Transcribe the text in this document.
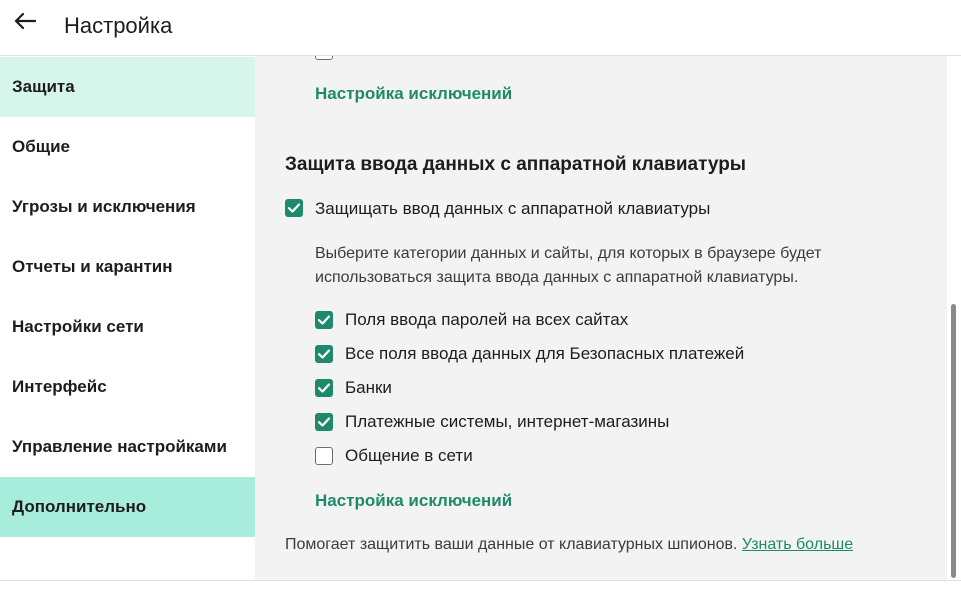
Настройка
Защита
Общие
Угрозы и исключения
Отчеты и карантин
Настройки сети
Интерфейс
Управление настройками
Дополнительно
Настройка исключений
Защита ввода данных с аппаратной клавиатуры
Защищать ввод данных с аппаратной клавиатуры
Выберите категории данных и сайты, для которых в браузере будет
использоваться защита ввода данных с аппаратной клавиатуры.
Поля ввода паролей на всех сайтах
Все поля ввода данных для Безопасных платежей
Банки
Платежные системы, интернет-магазины
Общение в сети
Настройка исключений
Помогает защитить ваши данные от клавиатурных шпионов. Узнать больше
